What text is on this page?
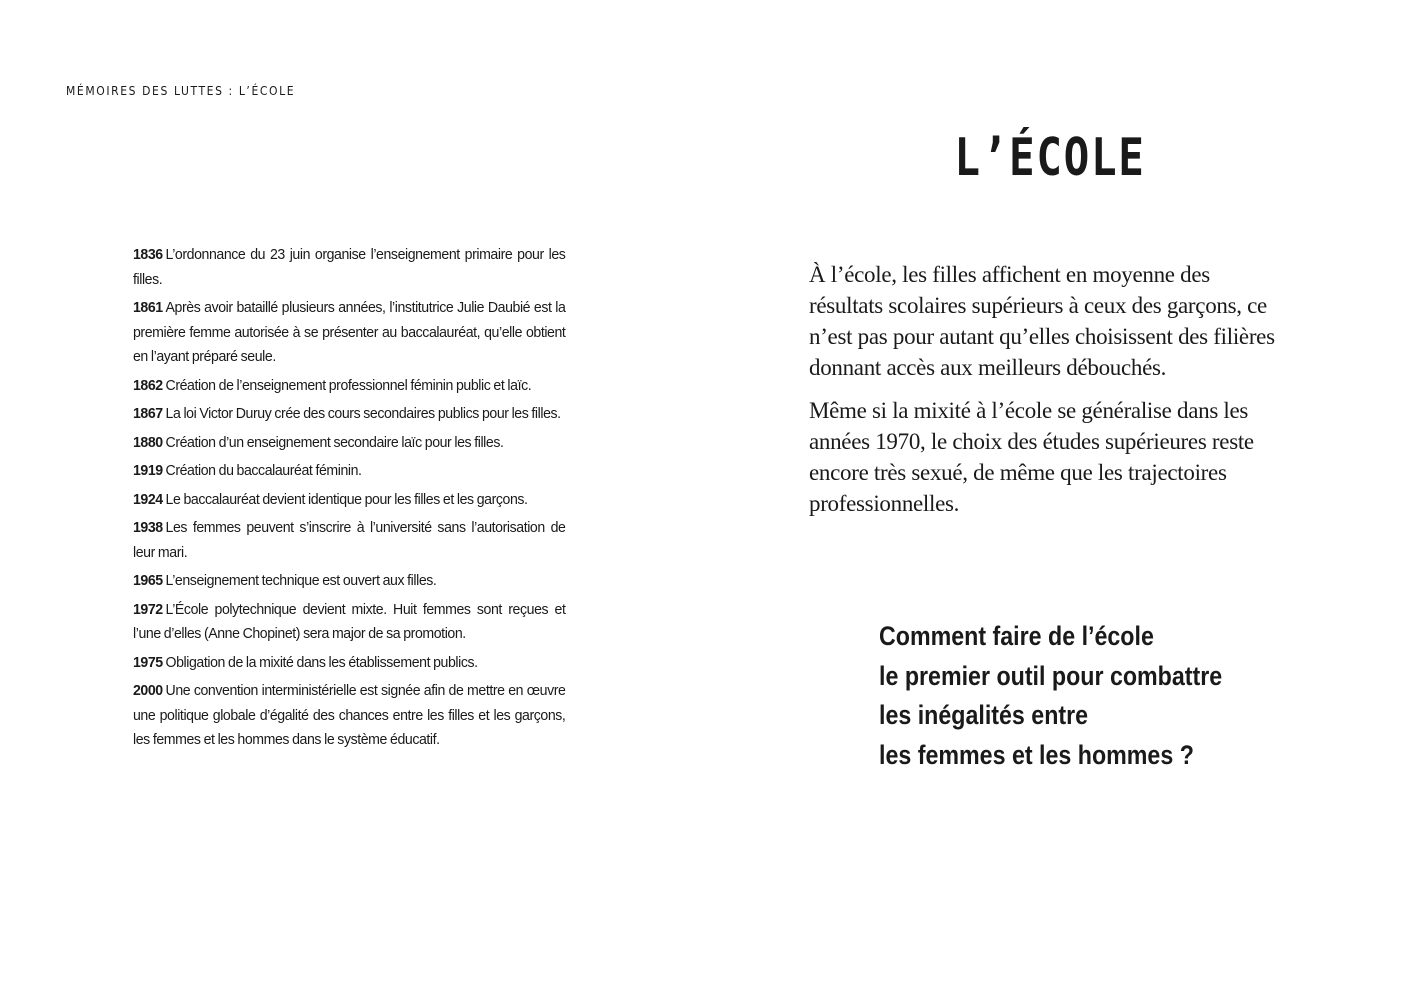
MÉMOIRES DES LUTTES : L’ÉCOLE

1836 L’ordonnance du 23 juin organise l’enseignement primaire pour les filles.

1861 Après avoir bataillé plusieurs années, l’institutrice Julie Daubié est la première femme autorisée à se présenter au baccalauréat, qu’elle obtient en l’ayant préparé seule.

1862 Création de l’enseignement professionnel féminin public et laïc.

1867 La loi Victor Duruy crée des cours secondaires publics pour les filles.

1880 Création d’un enseignement secondaire laïc pour les filles.

1919 Création du baccalauréat féminin.

1924 Le baccalauréat devient identique pour les filles et les garçons.

1938 Les femmes peuvent s’inscrire à l’université sans l’autorisation de leur mari.

1965 L’enseignement technique est ouvert aux filles.

1972 L’École polytechnique devient mixte. Huit femmes sont reçues et l’une d’elles (Anne Chopinet) sera major de sa promotion.

1975 Obligation de la mixité dans les établissement publics.

2000 Une convention interministérielle est signée afin de mettre en œuvre une politique globale d’égalité des chances entre les filles et les garçons, les femmes et les hommes dans le système éducatif.

L’ÉCOLE

À l’école, les filles affichent en moyenne des résultats scolaires supérieurs à ceux des garçons, ce n’est pas pour autant qu’elles choisissent des filières donnant accès aux meilleurs débouchés.

Même si la mixité à l’école se généralise dans les années 1970, le choix des études supérieures reste encore très sexué, de même que les trajectoires professionnelles.

Comment faire de l’école
le premier outil pour combattre
les inégalités entre
les femmes et les hommes ?
